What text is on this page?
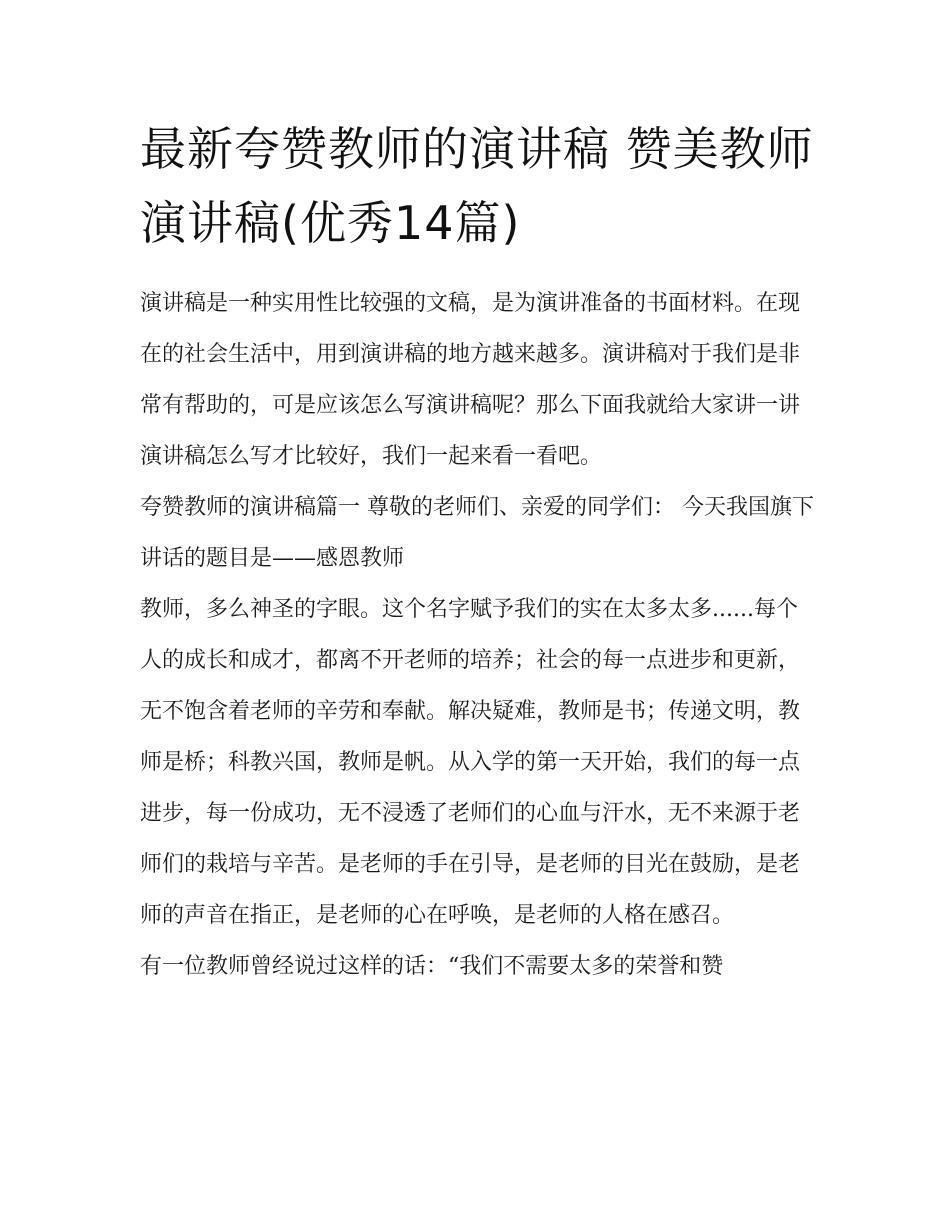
最新夸赞教师的演讲稿 赞美教师演讲稿(优秀14篇)

演讲稿是一种实用性比较强的文稿，是为演讲准备的书面材料。在现在的社会生活中，用到演讲稿的地方越来越多。演讲稿对于我们是非常有帮助的，可是应该怎么写演讲稿呢？那么下面我就给大家讲一讲演讲稿怎么写才比较好，我们一起来看一看吧。

夸赞教师的演讲稿篇一 尊敬的老师们、亲爱的同学们： 今天我国旗下讲话的题目是——感恩教师

教师，多么神圣的字眼。这个名字赋予我们的实在太多太多......每个人的成长和成才，都离不开老师的培养；社会的每一点进步和更新，无不饱含着老师的辛劳和奉献。解决疑难，教师是书；传递文明，教师是桥；科教兴国，教师是帆。从入学的第一天开始，我们的每一点进步，每一份成功，无不浸透了老师们的心血与汗水，无不来源于老师们的栽培与辛苦。是老师的手在引导，是老师的目光在鼓励，是老师的声音在指正，是老师的心在呼唤，是老师的人格在感召。

有一位教师曾经说过这样的话：“我们不需要太多的荣誉和赞
